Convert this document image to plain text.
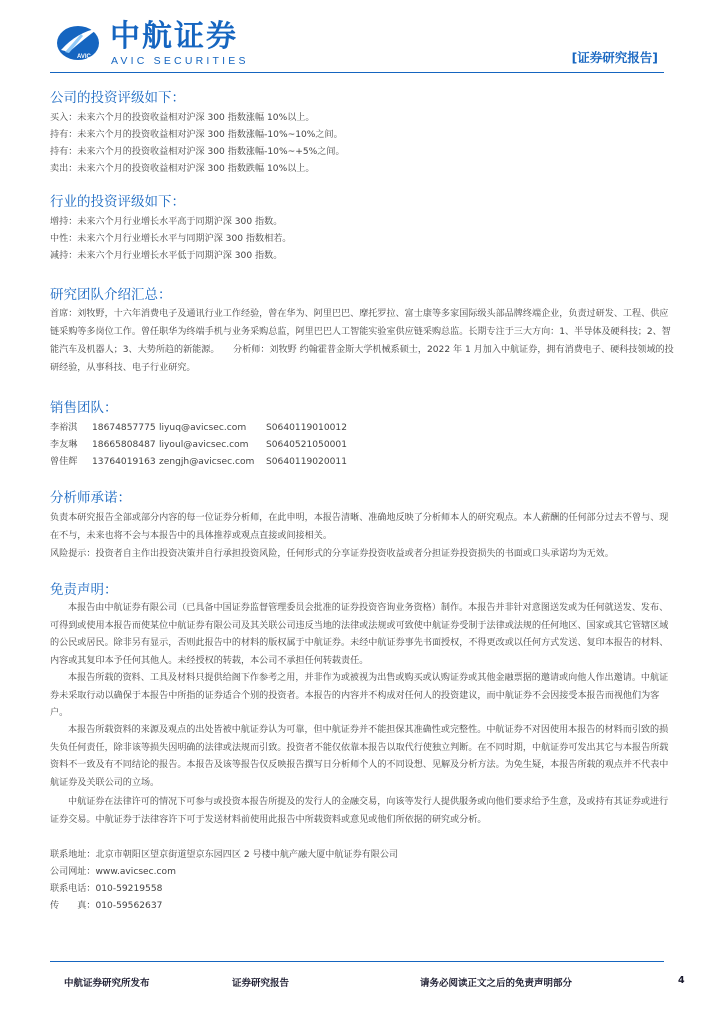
AVIC
中航证券
AVIC SECURITIES	[证券研究报告]
公司的投资评级如下：
买入：未来六个月的投资收益相对沪深 300 指数涨幅 10%以上。
持有：未来六个月的投资收益相对沪深 300 指数涨幅-10%~10%之间。
持有：未来六个月的投资收益相对沪深 300 指数涨幅-10%~+5%之间。
卖出：未来六个月的投资收益相对沪深 300 指数跌幅 10%以上。
行业的投资评级如下：
增持：未来六个月行业增长水平高于同期沪深 300 指数。
中性：未来六个月行业增长水平与同期沪深 300 指数相若。
减持：未来六个月行业增长水平低于同期沪深 300 指数。
研究团队介绍汇总：
首席：刘牧野，十六年消费电子及通讯行业工作经验，曾在华为、阿里巴巴、摩托罗拉、富士康等多家国际级头部品牌终端企业，负责过研发、工程、供应
链采购等多岗位工作。曾任职华为终端手机与业务采购总监，阿里巴巴人工智能实验室供应链采购总监。长期专注于三大方向：1、半导体及硬科技；2、智
能汽车及机器人；3、大势所趋的新能源。　　分析师：刘牧野 约翰霍普金斯大学机械系硕士，2022 年 1 月加入中航证券，拥有消费电子、硬科技领域的投
研经验，从事科技、电子行业研究。
销售团队：
李裕淇 18674857775 liyuq@avicsec.com S0640119010012
李友琳 18665808487 liyoul@avicsec.com S0640521050001
曾佳辉 13764019163 zengjh@avicsec.com S0640119020011
分析师承诺：
负责本研究报告全部或部分内容的每一位证券分析师，在此申明，本报告清晰、准确地反映了分析师本人的研究观点。本人薪酬的任何部分过去不曾与、现
在不与，未来也将不会与本报告中的具体推荐或观点直接或间接相关。
风险提示：投资者自主作出投资决策并自行承担投资风险，任何形式的分享证券投资收益或者分担证券投资损失的书面或口头承诺均为无效。
免责声明：
本报告由中航证券有限公司（已具备中国证券监督管理委员会批准的证券投资咨询业务资格）制作。本报告并非针对意图送发或为任何就送发、发布、可得到或使用本报告而使某位中航证券有限公司及其关联公司违反当地的法律或法规或可致使中航证券受制于法律或法规的任何地区、国家或其它管辖区域的公民或居民。除非另有显示，否则此报告中的材料的版权属于中航证券。未经中航证券事先书面授权，不得更改或以任何方式发送、复印本报告的材料、内容或其复印本予任何其他人。未经授权的转载，本公司不承担任何转载责任。
本报告所载的资料、工具及材料只提供给阁下作参考之用，并非作为或被视为出售或购买或认购证券或其他金融票据的邀请或向他人作出邀请。中航证券未采取行动以确保于本报告中所指的证券适合个别的投资者。本报告的内容并不构成对任何人的投资建议，而中航证券不会因接受本报告而视他们为客户。
本报告所载资料的来源及观点的出处皆被中航证券认为可靠，但中航证券并不能担保其准确性或完整性。中航证券不对因使用本报告的材料而引致的损失负任何责任，除非该等损失因明确的法律或法规而引致。投资者不能仅依靠本报告以取代行使独立判断。在不同时期，中航证券可发出其它与本报告所载资料不一致及有不同结论的报告。本报告及该等报告仅反映报告撰写日分析师个人的不同设想、见解及分析方法。为免生疑，本报告所载的观点并不代表中航证券及关联公司的立场。
中航证券在法律许可的情况下可参与或投资本报告所提及的发行人的金融交易，向该等发行人提供服务或向他们要求给予生意，及或持有其证券或进行证券交易。中航证券于法律容许下可于发送材料前使用此报告中所载资料或意见或他们所依据的研究或分析。
联系地址：北京市朝阳区望京街道望京东园四区 2 号楼中航产融大厦中航证券有限公司
公司网址：www.avicsec.com
联系电话：010-59219558
传　　真：010-59562637
中航证券研究所发布	证券研究报告	请务必阅读正文之后的免责声明部分	4
